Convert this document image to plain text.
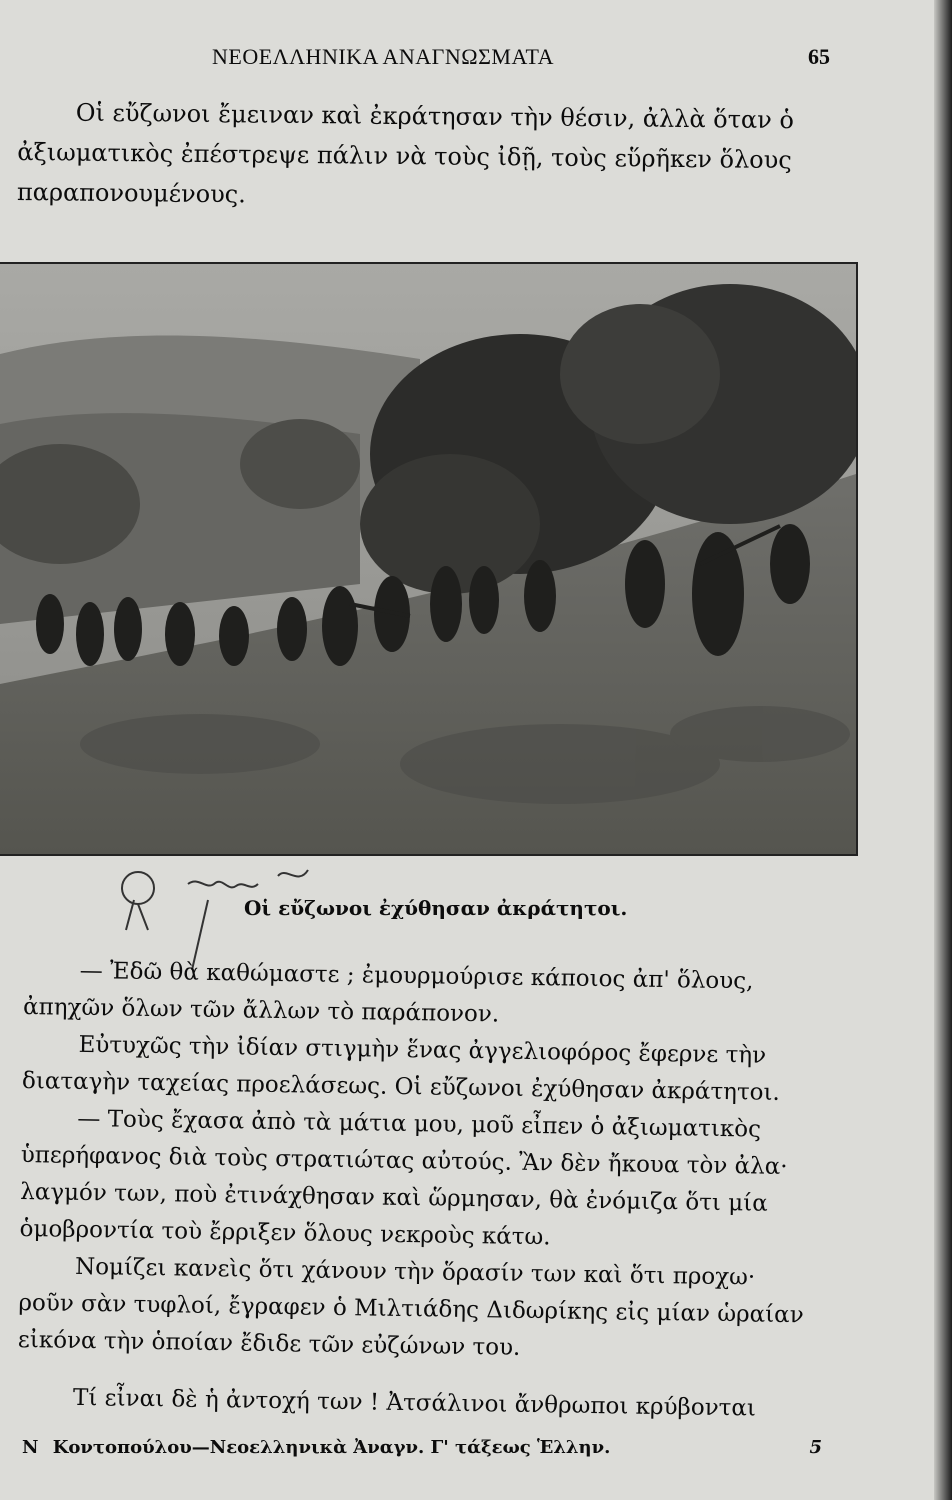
ΝΕΟΕΛΛΗΝΙΚΑ ΑΝΑΓΝΩΣΜΑΤΑ	65
Οἱ εὔζωνοι ἔμειναν καὶ ἐκράτησαν τὴν θέσιν, ἀλλὰ ὅταν ὁ
ἀξιωματικὸς ἐπέστρεψε πάλιν νὰ τοὺς ἰδῇ, τοὺς εὕρῆκεν ὅλους
παραπονουμένους.
Οἱ εὔζωνοι ἐχύθησαν ἀκράτητοι.

— Ἐδῶ θὰ καθώμαστε ; ἐμουρμούρισε κάποιος ἀπ' ὅλους,

ἀπηχῶν ὅλων τῶν ἄλλων τὸ παράπονον.

Εὐτυχῶς τὴν ἰδίαν στιγμὴν ἕνας ἀγγελιοφόρος ἔφερνε τὴν

διαταγὴν ταχείας προελάσεως. Οἱ εὔζωνοι ἐχύθησαν ἀκράτητοι.

— Τοὺς ἔχασα ἀπὸ τὰ μάτια μου, μοῦ εἶπεν ὁ ἀξιωματικὸς

ὑπερήφανος διὰ τοὺς στρατιώτας αὐτούς. Ἂν δὲν ἤκουα τὸν ἀλα·

λαγμόν των, ποὺ ἐτινάχθησαν καὶ ὥρμησαν, θὰ ἐνόμιζα ὅτι μία

ὁμοβροντία τοὺ ἔρριξεν ὅλους νεκροὺς κάτω.

Νομίζει κανεὶς ὅτι χάνουν τὴν ὅρασίν των καὶ ὅτι προχω·

ροῦν σὰν τυφλοί, ἔγραφεν ὁ Μιλτιάδης Διδωρίκης εἰς μίαν ὡραίαν

εἰκόνα τὴν ὁποίαν ἔδιδε τῶν εὐζώνων του.

Τί εἶναι δὲ ἡ ἀντοχή των ! Ἀτσάλινοι ἄνθρωποι κρύβονται

N Κοντοπούλου—Νεοελληνικὰ Ἀναγν. Γ' τάξεως Ἑλλην.	5
